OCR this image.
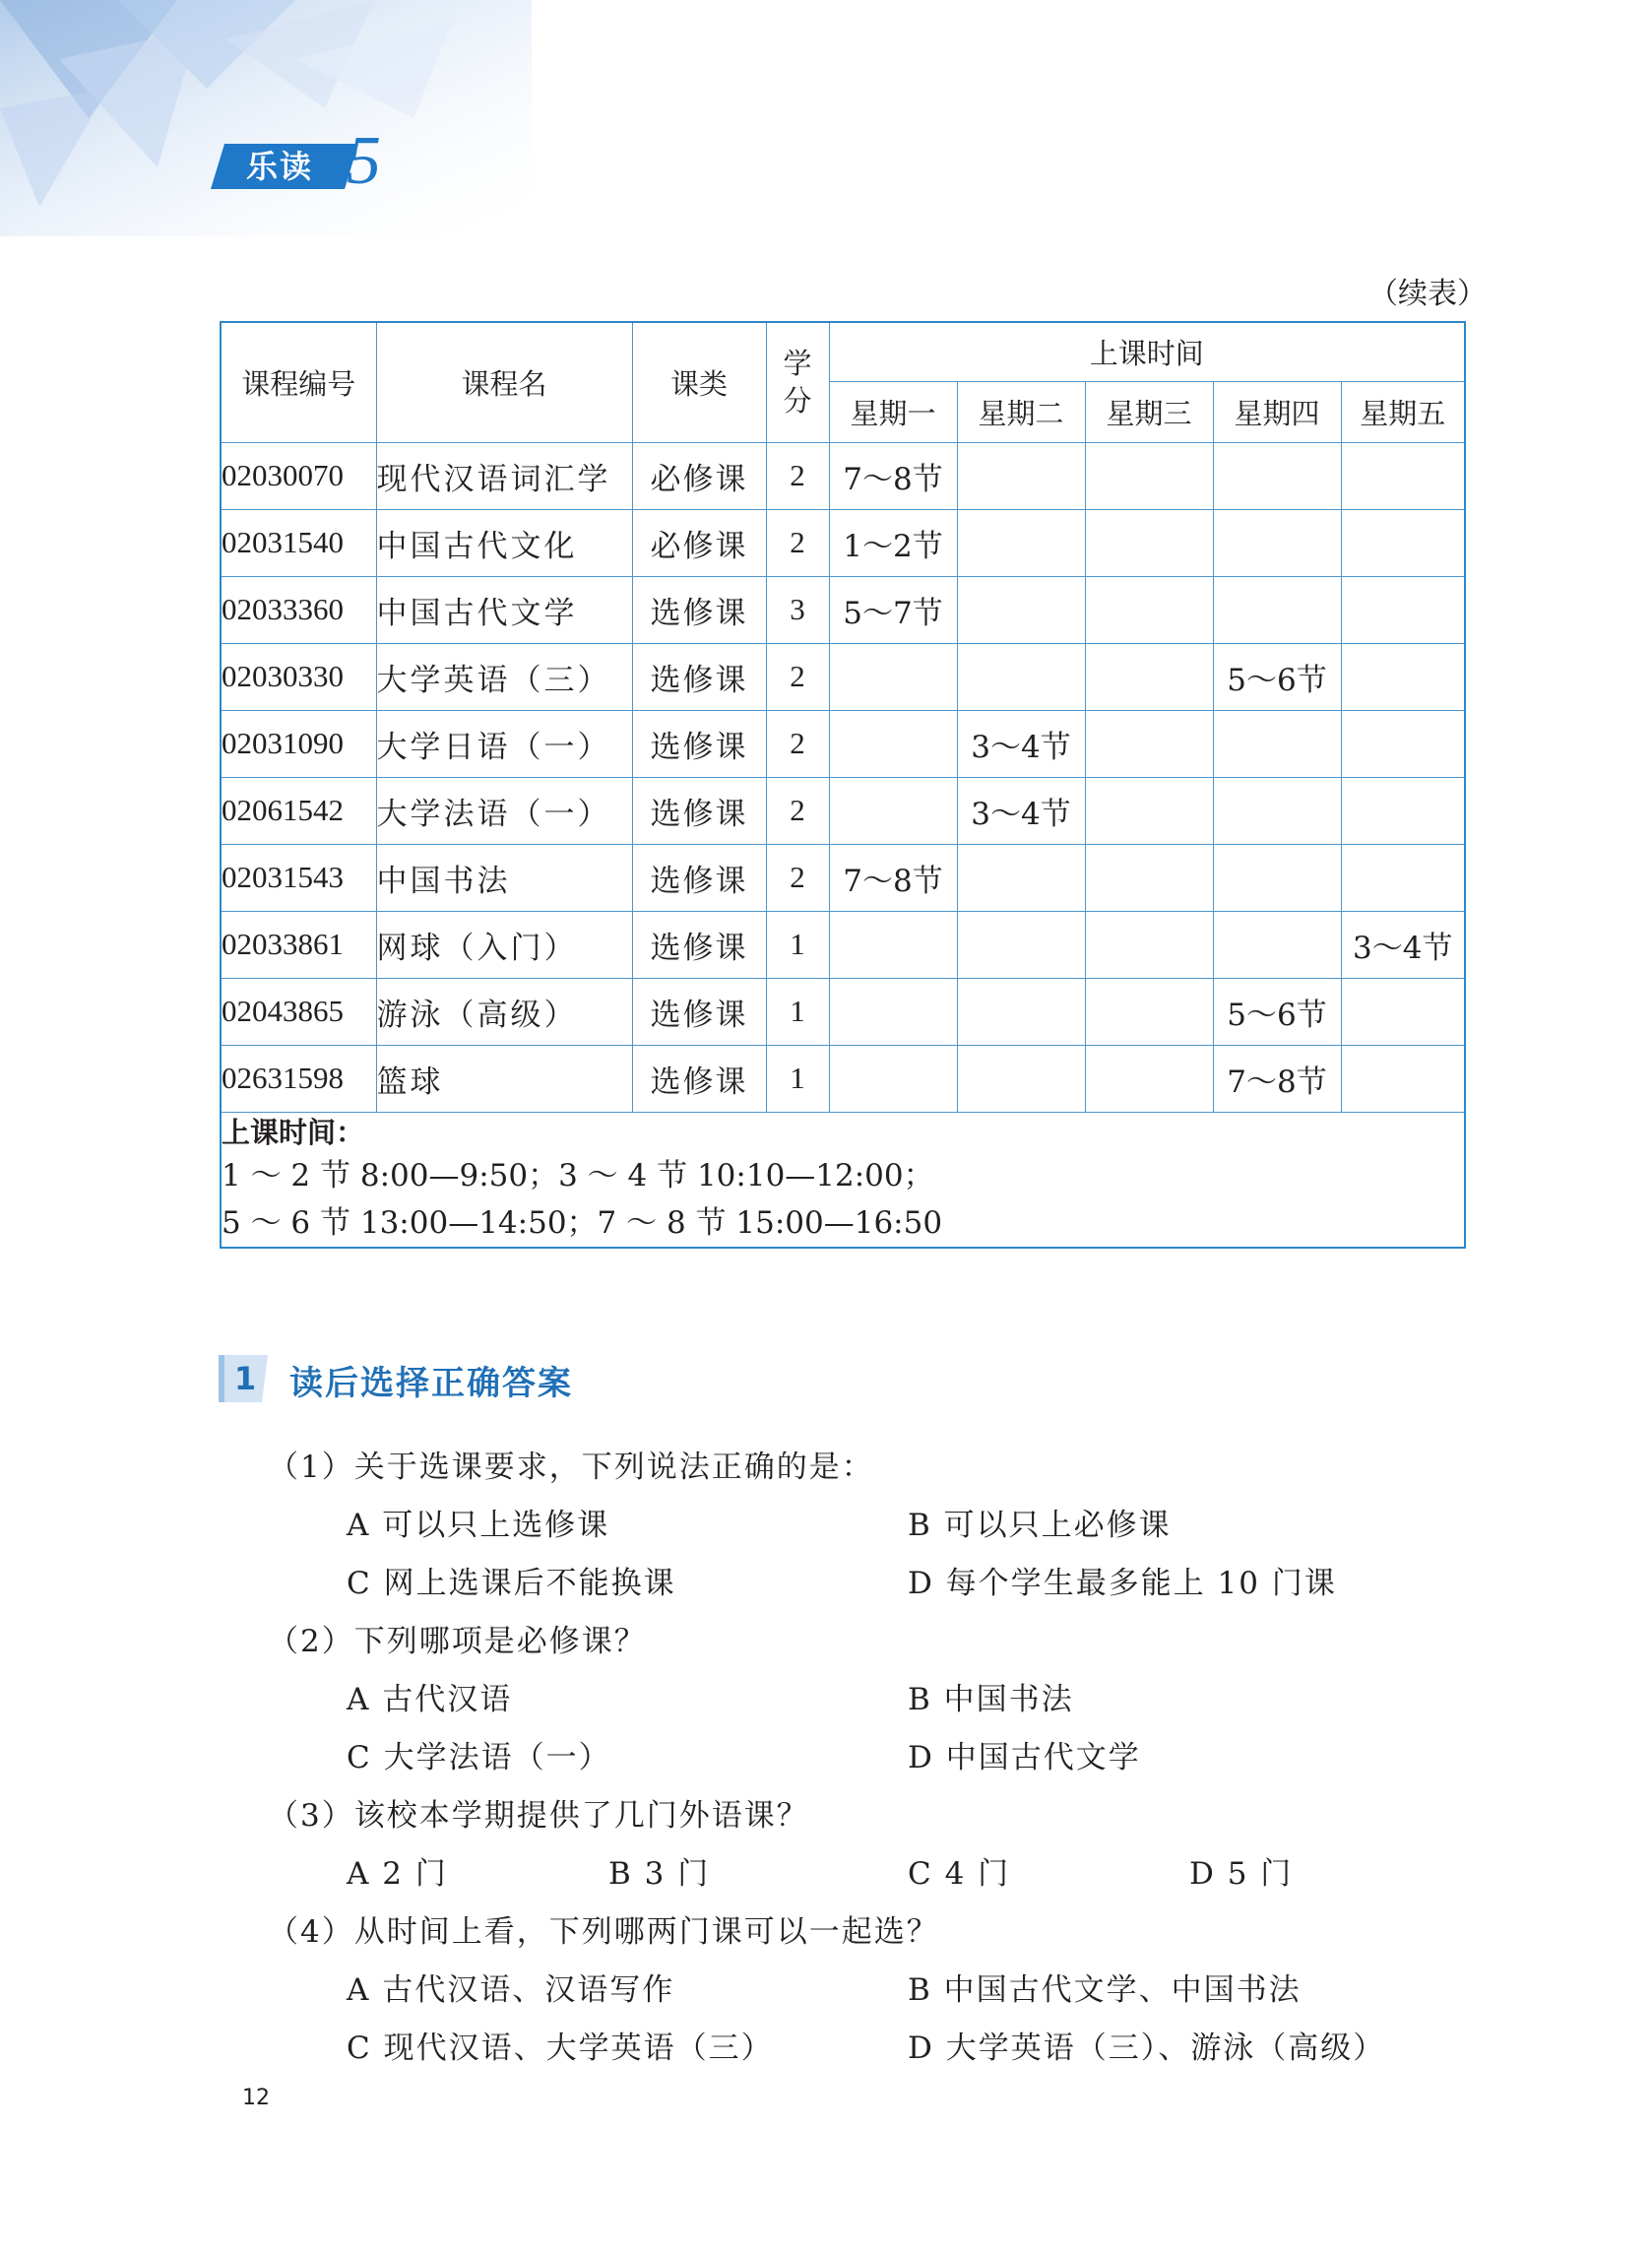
乐读 5
（续表）
课程编号	课程名	课类	学分	上课时间				
				星期一	星期二	星期三	星期四	星期五
02030070	现代汉语词汇学	必修课	2	7～8节				
02031540	中国古代文化	必修课	2	1～2节				
02033360	中国古代文学	选修课	3	5～7节				
02030330	大学英语（三）	选修课	2				5～6节	
02031090	大学日语（一）	选修课	2		3～4节			
02061542	大学法语（一）	选修课	2		3～4节			
02031543	中国书法	选修课	2	7～8节				
02033861	网球（入门）	选修课	1					3～4节
02043865	游泳（高级）	选修课	1				5～6节	
02631598	篮球	选修课	1				7～8节	

上课时间：
1 ～ 2 节 8:00—9:50；3 ～ 4 节 10:10—12:00；
5 ～ 6 节 13:00—14:50；7 ～ 8 节 15:00—16:50								
1 读后选择正确答案
（1）关于选课要求，下列说法正确的是：
A 可以只上选修课	B 可以只上必修课
C 网上选课后不能换课	D 每个学生最多能上 10 门课
（2）下列哪项是必修课？
A 古代汉语	B 中国书法
C 大学法语（一）	D 中国古代文学
（3）该校本学期提供了几门外语课？
A 2 门	B 3 门	C 4 门	D 5 门
（4）从时间上看，下列哪两门课可以一起选？
A 古代汉语、汉语写作	B 中国古代文学、中国书法
C 现代汉语、大学英语（三）	D 大学英语（三）、游泳（高级）
12
